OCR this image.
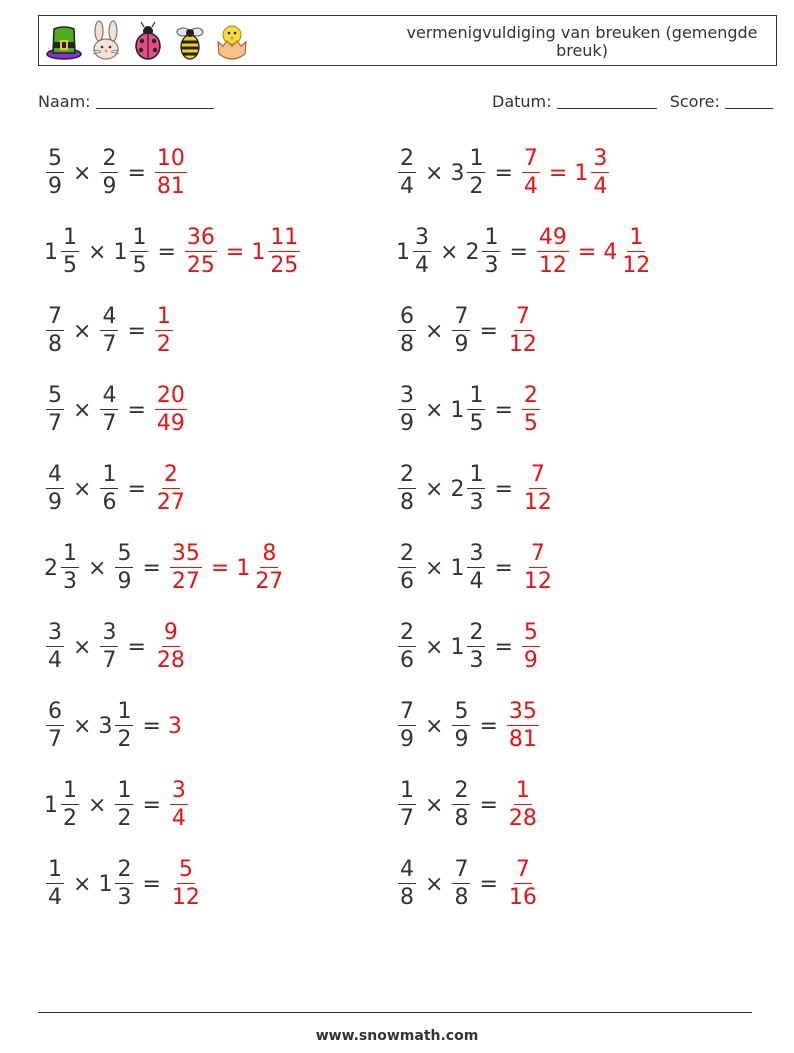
vermenigvuldiging van breuken (gemengde breuk)
Naam:	Datum:	Score:
$\frac{5}{9} \times \frac{2}{9} = \frac{10}{81}$	$\frac{2}{4} \times 3 \frac{1}{2} = \frac{7}{4} = 1 \frac{3}{4}$
$1 \frac{1}{5} \times 1 \frac{1}{5} = \frac{36}{25} = 1 \frac{11}{25}$	$1 \frac{3}{4} \times 2 \frac{1}{3} = \frac{49}{12} = 4 \frac{1}{12}$
$\frac{7}{8} \times \frac{4}{7} = \frac{1}{2}$	$\frac{6}{8} \times \frac{7}{9} = \frac{7}{12}$
$\frac{5}{7} \times \frac{4}{7} = \frac{20}{49}$	$\frac{3}{9} \times 1 \frac{1}{5} = \frac{2}{5}$
$\frac{4}{9} \times \frac{1}{6} = \frac{2}{27}$	$\frac{2}{8} \times 2 \frac{1}{3} = \frac{7}{12}$
$2 \frac{1}{3} \times \frac{5}{9} = \frac{35}{27} = 1 \frac{8}{27}$	$\frac{2}{6} \times 1 \frac{3}{4} = \frac{7}{12}$
$\frac{3}{4} \times \frac{3}{7} = \frac{9}{28}$	$\frac{2}{6} \times 1 \frac{2}{3} = \frac{5}{9}$
$\frac{6}{7} \times 3 \frac{1}{2} = 3$	$\frac{7}{9} \times \frac{5}{9} = \frac{35}{81}$
$1 \frac{1}{2} \times \frac{1}{2} = \frac{3}{4}$	$\frac{1}{7} \times \frac{2}{8} = \frac{1}{28}$
$\frac{1}{4} \times 1 \frac{2}{3} = \frac{5}{12}$	$\frac{4}{8} \times \frac{7}{8} = \frac{7}{16}$
www.snowmath.com
